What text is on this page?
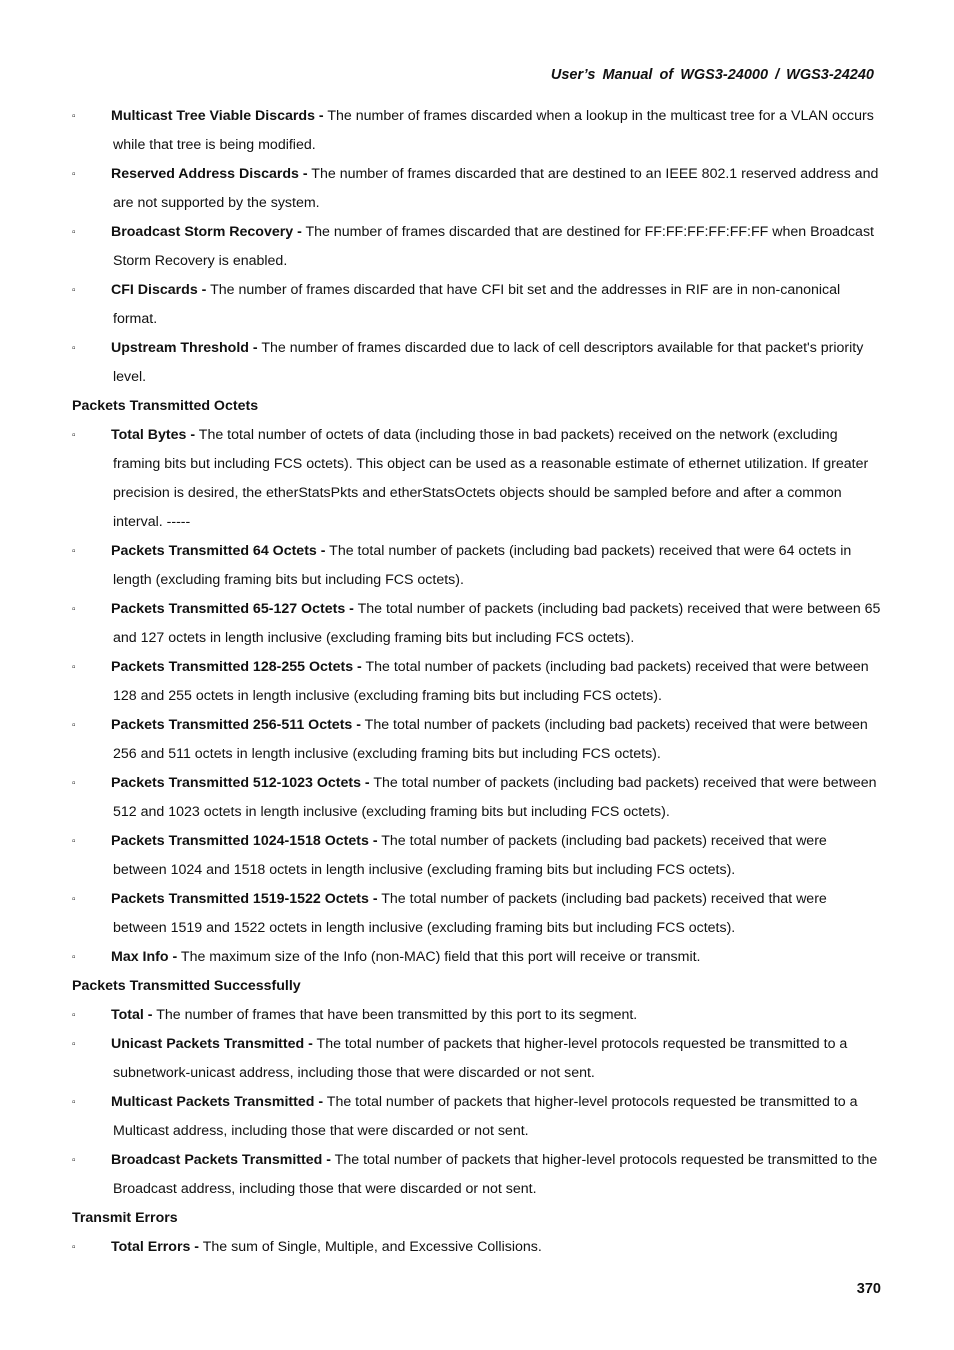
User’s Manual of WGS3-24000 / WGS3-24240
▫ Multicast Tree Viable Discards - The number of frames discarded when a lookup in the multicast tree for a VLAN occurs while that tree is being modified.
▫ Reserved Address Discards - The number of frames discarded that are destined to an IEEE 802.1 reserved address and are not supported by the system.
▫ Broadcast Storm Recovery - The number of frames discarded that are destined for FF:FF:FF:FF:FF:FF when Broadcast Storm Recovery is enabled.
▫ CFI Discards - The number of frames discarded that have CFI bit set and the addresses in RIF are in non-canonical format.
▫ Upstream Threshold - The number of frames discarded due to lack of cell descriptors available for that packet's priority level.
Packets Transmitted Octets
▫ Total Bytes - The total number of octets of data (including those in bad packets) received on the network (excluding framing bits but including FCS octets). This object can be used as a reasonable estimate of ethernet utilization. If greater precision is desired, the etherStatsPkts and etherStatsOctets objects should be sampled before and after a common interval. -----
▫ Packets Transmitted 64 Octets - The total number of packets (including bad packets) received that were 64 octets in length (excluding framing bits but including FCS octets).
▫ Packets Transmitted 65-127 Octets - The total number of packets (including bad packets) received that were between 65 and 127 octets in length inclusive (excluding framing bits but including FCS octets).
▫ Packets Transmitted 128-255 Octets - The total number of packets (including bad packets) received that were between 128 and 255 octets in length inclusive (excluding framing bits but including FCS octets).
▫ Packets Transmitted 256-511 Octets - The total number of packets (including bad packets) received that were between 256 and 511 octets in length inclusive (excluding framing bits but including FCS octets).
▫ Packets Transmitted 512-1023 Octets - The total number of packets (including bad packets) received that were between 512 and 1023 octets in length inclusive (excluding framing bits but including FCS octets).
▫ Packets Transmitted 1024-1518 Octets - The total number of packets (including bad packets) received that were between 1024 and 1518 octets in length inclusive (excluding framing bits but including FCS octets).
▫ Packets Transmitted 1519-1522 Octets - The total number of packets (including bad packets) received that were between 1519 and 1522 octets in length inclusive (excluding framing bits but including FCS octets).
▫ Max Info - The maximum size of the Info (non-MAC) field that this port will receive or transmit.
Packets Transmitted Successfully
▫ Total - The number of frames that have been transmitted by this port to its segment.
▫ Unicast Packets Transmitted - The total number of packets that higher-level protocols requested be transmitted to a subnetwork-unicast address, including those that were discarded or not sent.
▫ Multicast Packets Transmitted - The total number of packets that higher-level protocols requested be transmitted to a Multicast address, including those that were discarded or not sent.
▫ Broadcast Packets Transmitted - The total number of packets that higher-level protocols requested be transmitted to the Broadcast address, including those that were discarded or not sent.
Transmit Errors
▫ Total Errors - The sum of Single, Multiple, and Excessive Collisions.
370
